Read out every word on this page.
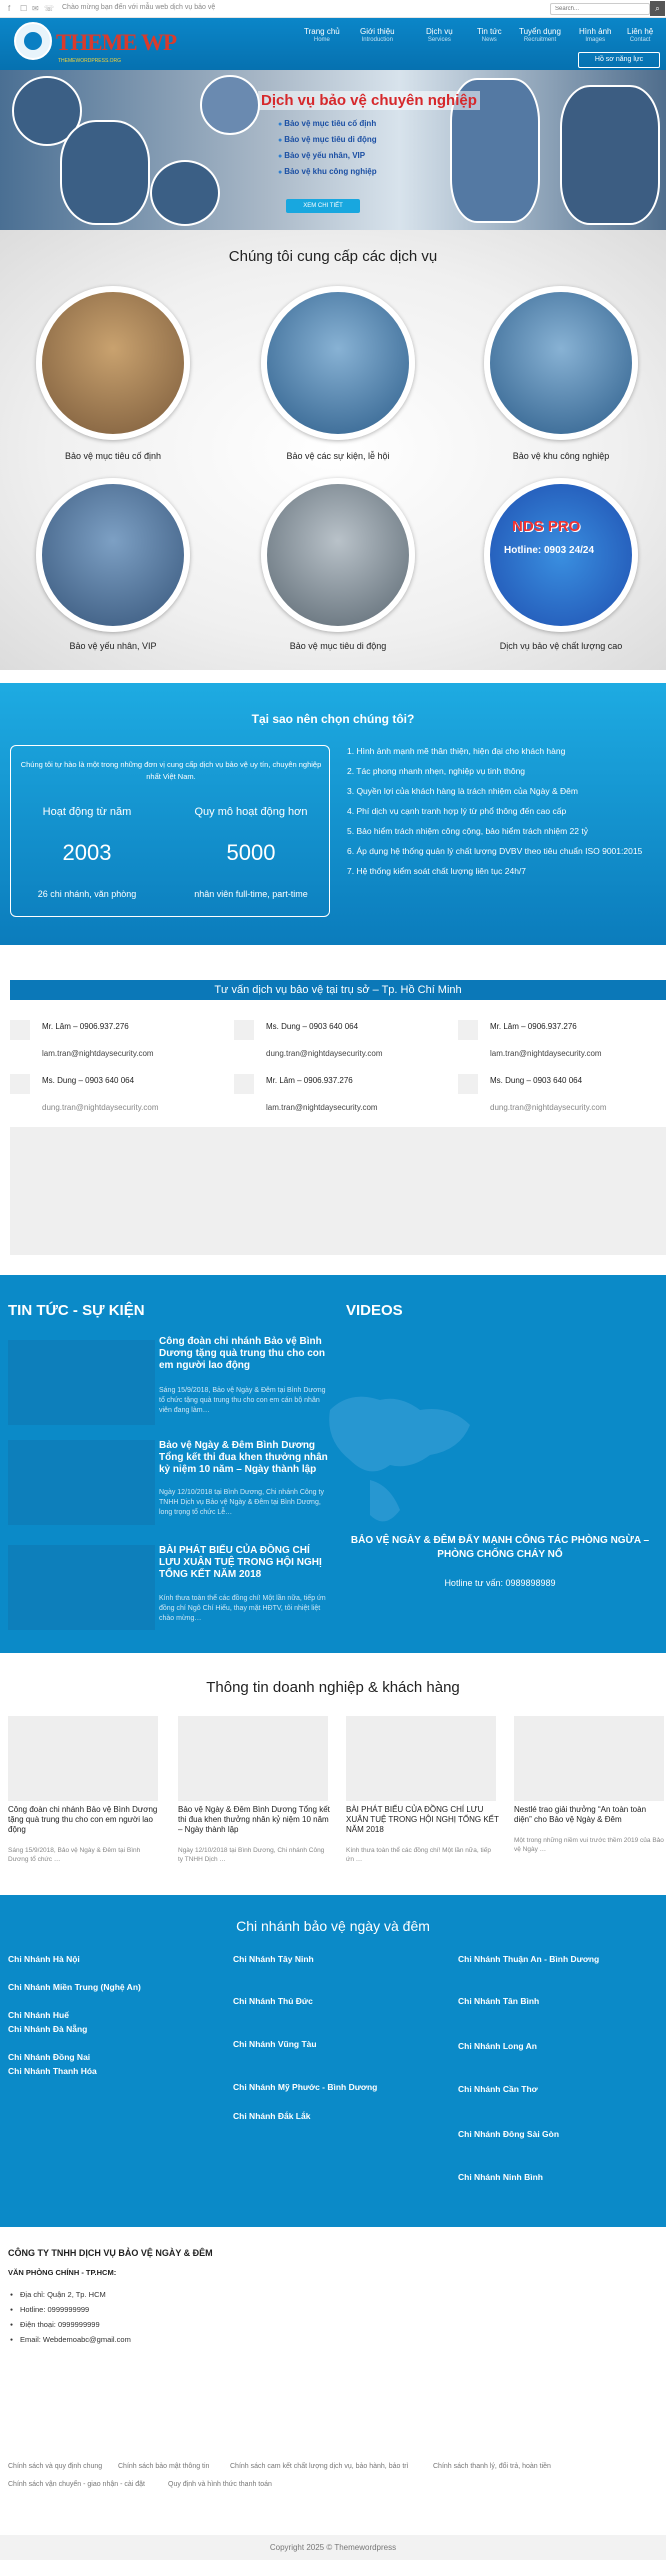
f ☐ ✉ ☏ Chào mừng bạn đến với mẫu web dịch vụ bảo vệ
Search...	⌕
THEME WP
THEMEWORDPRESS.ORG
Trang chủ
Home
Giới thiệu
Introduction
Dịch vụ
Services
Tin tức
News
Tuyển dụng
Recruitment
Hình ảnh
Images
Liên hệ
Contact
Hồ sơ năng lực
Dịch vụ bảo vệ chuyên nghiệp
● Bảo vệ mục tiêu cố định
● Bảo vệ mục tiêu di động
● Bảo vệ yếu nhân, VIP
● Bảo vệ khu công nghiệp
XEM CHI TIẾT
Chúng tôi cung cấp các dịch vụ
Bảo vệ mục tiêu cố định	Bảo vệ các sự kiện, lễ hội	Bảo vệ khu công nghiệp
Bảo vệ yếu nhân, VIP	Bảo vệ mục tiêu di động
NDS PRO
Hotline: 0903 24/24
Dịch vụ bảo vệ chất lượng cao
Tại sao nên chọn chúng tôi?
Chúng tôi tự hào là một trong những đơn vị cung cấp dịch vụ bảo vệ uy tín, chuyên nghiệp nhất Việt Nam.
Hoạt động từ năm
2003
26 chi nhánh, văn phòng
Quy mô hoạt động hơn
5000
nhân viên full-time, part-time
1. Hình ảnh mạnh mẽ thân thiện, hiện đại cho khách hàng
2. Tác phong nhanh nhẹn, nghiệp vụ tinh thông
3. Quyền lợi của khách hàng là trách nhiệm của Ngày & Đêm
4. Phí dịch vụ cạnh tranh hợp lý từ phổ thông đến cao cấp
5. Bảo hiểm trách nhiệm công cộng, bảo hiểm trách nhiệm 22 tỷ
6. Áp dụng hệ thống quản lý chất lượng DVBV theo tiêu chuẩn ISO 9001:2015
7. Hệ thống kiểm soát chất lượng liên tục 24h/7
Tư vấn dịch vụ bảo vệ tại trụ sở – Tp. Hồ Chí Minh
Mr. Lâm – 0906.937.276
lam.tran@nightdaysecurity.com
Ms. Dung – 0903 640 064
dung.tran@nightdaysecurity.com
Mr. Lâm – 0906.937.276
lam.tran@nightdaysecurity.com
Ms. Dung – 0903 640 064
dung.tran@nightdaysecurity.com
Mr. Lâm – 0906.937.276
lam.tran@nightdaysecurity.com
Ms. Dung – 0903 640 064
dung.tran@nightdaysecurity.com
TIN TỨC - SỰ KIỆN	VIDEOS
Công đoàn chi nhánh Bảo vệ Bình Dương tặng quà trung thu cho con em người lao động
Sáng 15/9/2018, Bảo vệ Ngày & Đêm tại Bình Dương tổ chức tặng quà trung thu cho con em cán bộ nhân viên đang làm…
Bảo vệ Ngày & Đêm Bình Dương Tổng kết thi đua khen thưởng nhân kỷ niệm 10 năm – Ngày thành lập
Ngày 12/10/2018 tại Bình Dương, Chi nhánh Công ty TNHH Dịch vụ Bảo vệ Ngày & Đêm tại Bình Dương, long trọng tổ chức Lễ…
BÀI PHÁT BIỂU CỦA ĐỒNG CHÍ LƯU XUÂN TUỆ TRONG HỘI NGHỊ TỔNG KẾT NĂM 2018
Kính thưa toàn thể các đồng chí! Một lần nữa, tiếp ứn đồng chí Ngô Chí Hiếu, thay mặt HĐTV, tôi nhiệt liệt chào mừng…
BẢO VỆ NGÀY & ĐÊM ĐẨY MẠNH CÔNG TÁC PHÒNG NGỪA – PHÒNG CHỐNG CHÁY NỔ
Hotline tư vấn: 0989898989
Thông tin doanh nghiệp & khách hàng
Công đoàn chi nhánh Bảo vệ Bình Dương tặng quà trung thu cho con em người lao động
Sáng 15/9/2018, Bảo vệ Ngày & Đêm tại Bình Dương tổ chức …
Bảo vệ Ngày & Đêm Bình Dương Tổng kết thi đua khen thưởng nhân kỷ niệm 10 năm – Ngày thành lập
Ngày 12/10/2018 tại Bình Dương, Chi nhánh Công ty TNHH Dịch …
BÀI PHÁT BIỂU CỦA ĐỒNG CHÍ LƯU XUÂN TUỆ TRONG HỘI NGHỊ TỔNG KẾT NĂM 2018
Kính thưa toàn thể các đồng chí! Một lần nữa, tiếp ứn …
Nestlé trao giải thưởng “An toàn toàn diện” cho Bảo vệ Ngày & Đêm
Một trong những niềm vui trước thềm 2019 của Bảo vệ Ngày …
Chi nhánh bảo vệ ngày và đêm
Chi Nhánh Hà Nội
Chi Nhánh Miền Trung (Nghệ An)
Chi Nhánh Huế
Chi Nhánh Đà Nẵng
Chi Nhánh Đồng Nai
Chi Nhánh Thanh Hóa
Chi Nhánh Tây Ninh
Chi Nhánh Thủ Đức
Chi Nhánh Vũng Tàu
Chi Nhánh Mỹ Phước - Bình Dương
Chi Nhánh Đắk Lắk
Chi Nhánh Thuận An - Bình Dương
Chi Nhánh Tân Bình
Chi Nhánh Long An
Chi Nhánh Cần Thơ
Chi Nhánh Đông Sài Gòn
Chi Nhánh Ninh Bình
CÔNG TY TNHH DỊCH VỤ BẢO VỆ NGÀY & ĐÊM
VĂN PHÒNG CHÍNH - TP.HCM:
● Địa chỉ: Quận 2, Tp. HCM
● Hotline: 0999999999
● Điện thoại: 0999999999
● Email: Webdemoabc@gmail.com
Chính sách và quy định chung Chính sách bảo mật thông tin	Chính sách cam kết chất lượng dịch vụ, bảo hành, bảo trì	Chính sách thanh lý, đổi trả, hoàn tiền
Chính sách vận chuyển - giao nhận - cài đặt	Quy định và hình thức thanh toán
Copyright 2025 © Themewordpress
